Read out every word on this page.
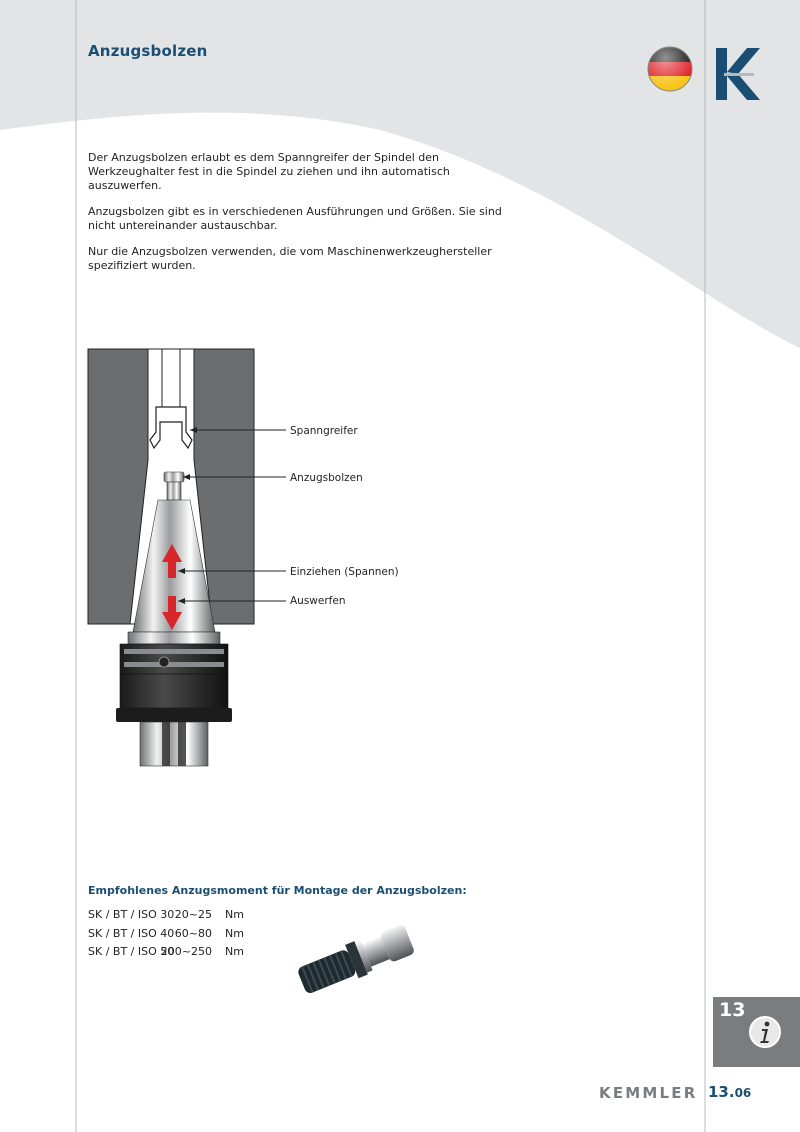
Anzugsbolzen

Der Anzugsbolzen erlaubt es dem Spanngreifer der Spindel den Werkzeughalter fest in die Spindel zu ziehen und ihn automatisch auszuwerfen.

Anzugsbolzen gibt es in verschiedenen Ausführungen und Größen. Sie sind nicht untereinander austauschbar.

Nur die Anzugsbolzen verwenden, die vom Maschinenwerkzeughersteller spezifiziert wurden.

Spanngreifer
Anzugsbolzen
Einziehen (Spannen)
Auswerfen
Empfohlenes Anzugsmoment für Montage der Anzugsbolzen:
SK / BT / ISO 30 20~25 Nm
SK / BT / ISO 40 60~80 Nm
SK / BT / ISO 50
200~250 Nm
13
KEMMLER 13.06
